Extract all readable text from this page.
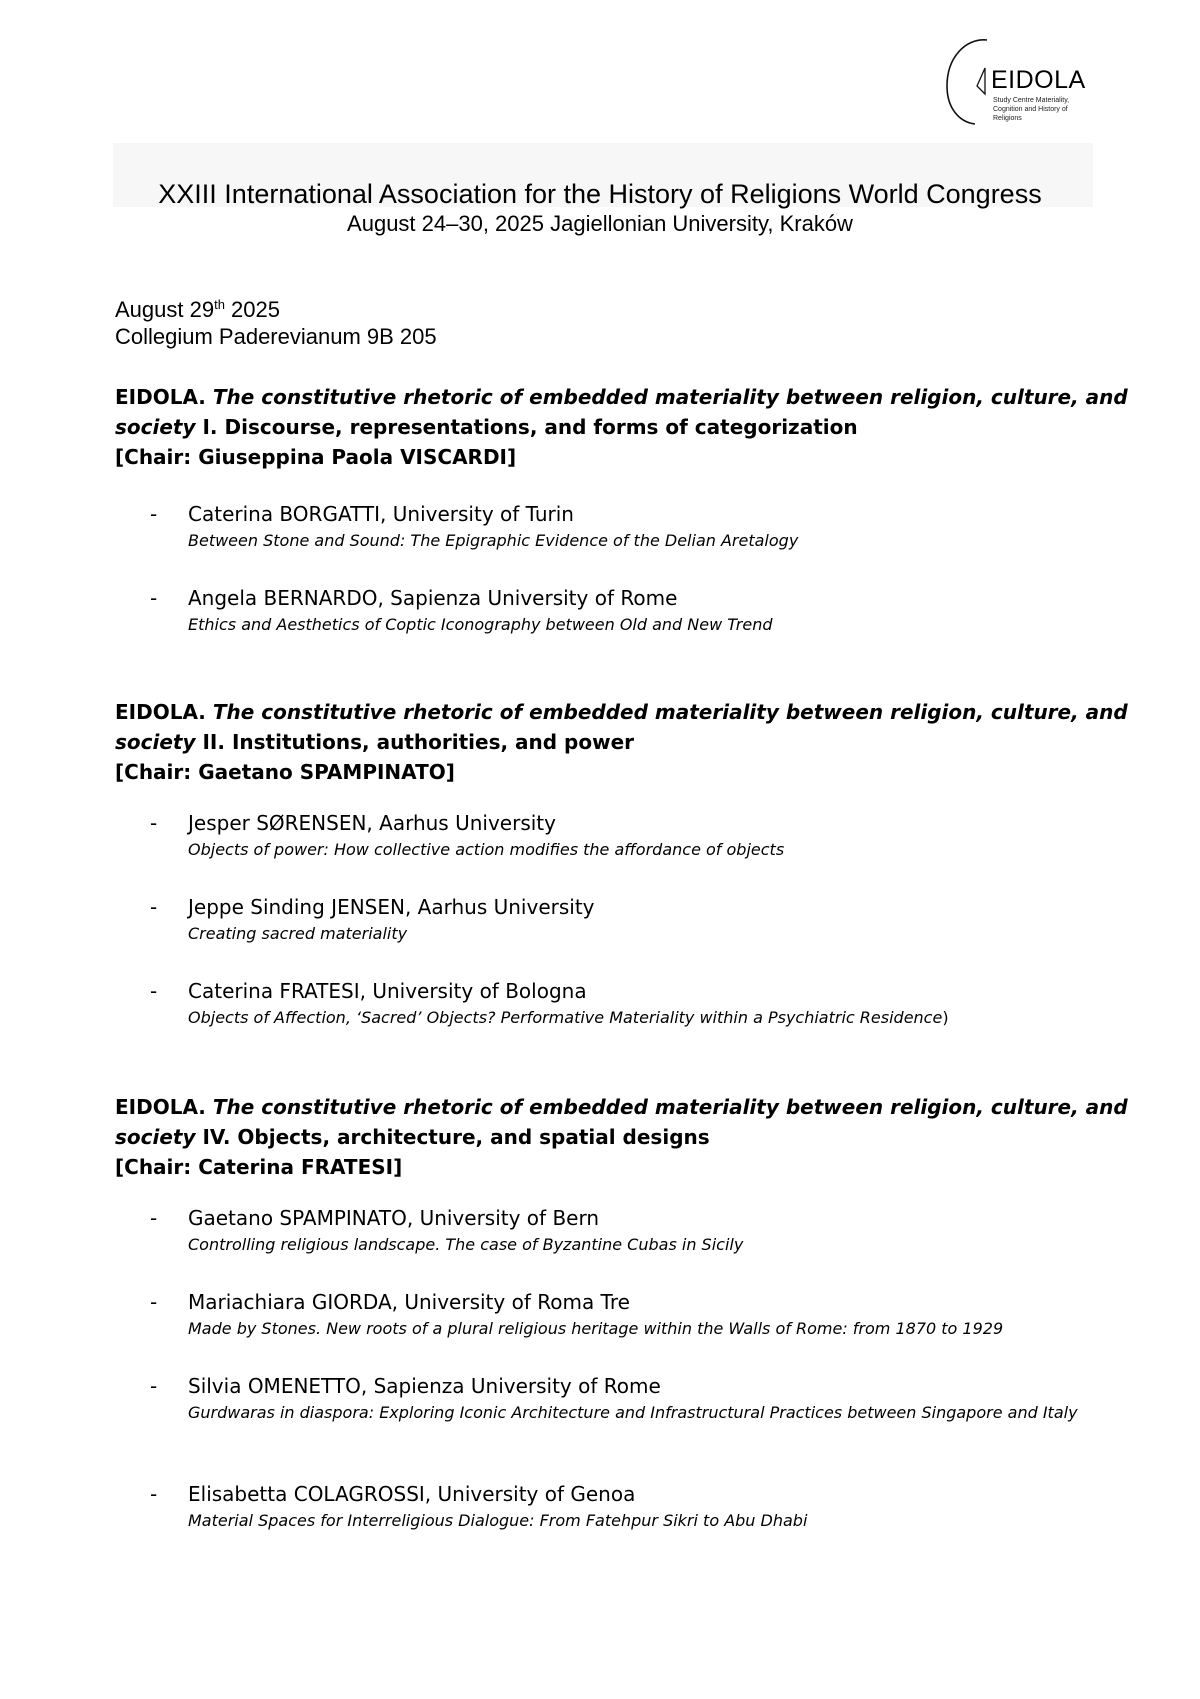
EIDOLA
Study Centre Materiality, Cognition and History of Religions
XXIII International Association for the History of Religions World Congress
August 24–30, 2025 Jagiellonian University, Kraków
August 29th 2025
Collegium Paderevianum 9B 205
EIDOLA. The constitutive rhetoric of embedded materiality between religion, culture, and
society I. Discourse, representations, and forms of categorization
[Chair: Giuseppina Paola VISCARDI]
- Caterina BORGATTI, University of Turin
Between Stone and Sound: The Epigraphic Evidence of the Delian Aretalogy
- Angela BERNARDO, Sapienza University of Rome
Ethics and Aesthetics of Coptic Iconography between Old and New Trend
EIDOLA. The constitutive rhetoric of embedded materiality between religion, culture, and
society II. Institutions, authorities, and power
[Chair: Gaetano SPAMPINATO]
- Jesper SØRENSEN, Aarhus University
Objects of power: How collective action modifies the affordance of objects
- Jeppe Sinding JENSEN, Aarhus University
Creating sacred materiality
- Caterina FRATESI, University of Bologna
Objects of Affection, ‘Sacred’ Objects? Performative Materiality within a Psychiatric Residence)
EIDOLA. The constitutive rhetoric of embedded materiality between religion, culture, and
society IV. Objects, architecture, and spatial designs
[Chair: Caterina FRATESI]
- Gaetano SPAMPINATO, University of Bern
Controlling religious landscape. The case of Byzantine Cubas in Sicily
- Mariachiara GIORDA, University of Roma Tre
Made by Stones. New roots of a plural religious heritage within the Walls of Rome: from 1870 to 1929
- Silvia OMENETTO, Sapienza University of Rome
Gurdwaras in diaspora: Exploring Iconic Architecture and Infrastructural Practices between Singapore and Italy
- Elisabetta COLAGROSSI, University of Genoa
Material Spaces for Interreligious Dialogue: From Fatehpur Sikri to Abu Dhabi
